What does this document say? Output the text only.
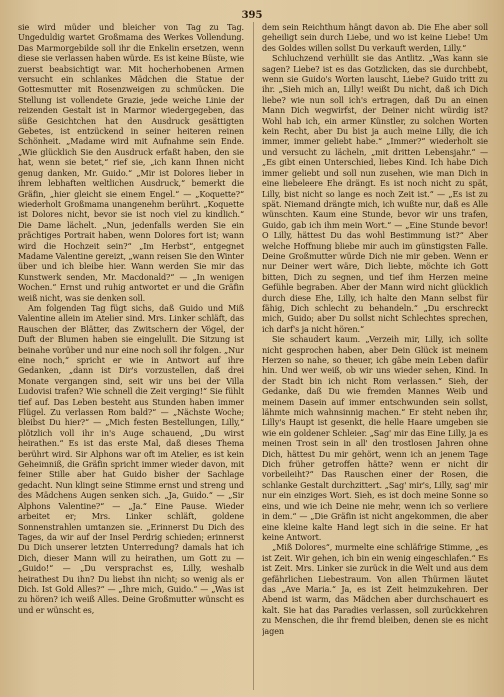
395

sie wird müder und bleicher von Tag zu Tag. Ungeduldig wartet Großmama des Werkes Vollendung. Das Marmorgebilde soll ihr die Enkelin ersetzen, wenn diese sie verlassen haben würde. Es ist keine Büste, wie zuerst beabsichtigt war. Mit hocherhobenen Armen versucht ein schlankes Mädchen die Statue der Gottesmutter mit Rosenzweigen zu schmücken. Die Stellung ist vollendete Grazie, jede weiche Linie der reizenden Gestalt ist in Marmor wiedergegeben, das süße Gesichtchen hat den Ausdruck gesättigten Gebetes, ist entzückend in seiner heiteren reinen Schönheit. „Madame wird mit Aufnahme sein Ende. „Wie glücklich Sie den Ausdruck erfaßt haben, den sie hat, wenn sie betet,“ rief sie, „ich kann Ihnen nicht genug danken, Mr. Guido.“ „Mir ist Dolores lieber in ihrem lebhaften weltlichen Ausdruck,“ bemerkt die Gräfin, „hier gleicht sie einem Engel.“ — „Koquette?“ wiederholt Großmama unangenehm berührt. „Koquette ist Dolores nicht, bevor sie ist noch viel zu kindlich.“ Die Dame lächelt. „Nun, jedenfalls werden Sie ein prächtiges Portrait haben, wenn Dolores fort ist; wann wird die Hochzeit sein?“ „Im Herbst“, entgegnet Madame Valentine gereizt, „wann reisen Sie den Winter über und ich bleibe hier. Wann werden Sie mir das Kunstwerk senden, Mr. Macdonald?“ — „In wenigen Wochen.“ Ernst und ruhig antwortet er und die Gräfin weiß nicht, was sie denken soll.

Am folgenden Tag fügt sichs, daß Guido und Miß Valentine allein im Atelier sind. Mrs. Linker schläft, das Rauschen der Blätter, das Zwitschern der Vögel, der Duft der Blumen haben sie eingelullt. Die Sitzung ist beinahe vorüber und nur eine noch soll ihr folgen. „Nur eine noch,“ spricht er wie in Antwort auf ihre Gedanken, „dann ist Dir's vorzustellen, daß drei Monate vergangen sind, seit wir uns bei der Villa Ludovisi trafen? Wie schnell die Zeit verging!“ Sie fühlt tief auf. Das Leben besteht aus Stunden haben immer Flügel. Zu verlassen Rom bald?“ — „Nächste Woche; bleibst Du hier?“ — „Mich festen Bestellungen, Lilly,“ plötzlich voll ihr in's Auge schauend, „Du wirst heirathen.“ Es ist das erste Mal, daß dieses Thema berührt wird. Sir Alphons war oft im Atelier, es ist kein Geheimniß, die Gräfin spricht immer wieder davon, mit feiner Stille aber hat Guido bisher der Sachlage gedacht. Nun klingt seine Stimme ernst und streng und des Mädchens Augen senken sich. „Ja, Guido.“ — „Sir Alphons Valentine?“ — „Ja.“ Eine Pause. Wieder arbeitet er; Mrs. Linker schläft, goldene Sonnenstrahlen umtanzen sie. „Erinnerst Du Dich des Tages, da wir auf der Insel Perdrig schieden; erinnerst Du Dich unserer letzten Unterredung? damals hat ich Dich, dieser Mann will zu heirathen, um Gott zu — „Guido!“ — „Du versprachst es, Lilly, weshalb heirathest Du ihn? Du liebst ihn nicht; so wenig als er Dich. Ist Gold Alles?“ — „Ihre mich, Guido.“ — „Was ist zu hören? ich weiß Alles. Deine Großmutter wünscht es und er wünscht es,

dem sein Reichthum hängt davon ab. Die Ehe aber soll geheiligt sein durch Liebe, und wo ist keine Liebe! Um des Goldes willen sollst Du verkauft werden, Lilly.“

Schluchzend verhüllt sie das Antlitz. „Was kann sie sagen? Liebe? ist es das Gotzlicken, das sie durchbebt, wenn sie Guido's Worten lauscht, Liebe? Guido tritt zu ihr. „Sieh mich an, Lilly! weißt Du nicht, daß ich Dich liebe? wie nun soll ich's ertragen, daß Du an einen Mann Dich wegwirfst, der Deiner nicht würdig ist? Wohl hab ich, ein armer Künstler, zu solchen Worten kein Recht, aber Du bist ja auch meine Lilly, die ich immer, immer geliebt habe.“ „Immer?“ wiederholt sie und versucht zu lächeln, „mit dritten Lebensjahr.“ — „Es gibt einen Unterschied, liebes Kind. Ich habe Dich immer geliebt und soll nun zusehen, wie man Dich in eine liebeleere Ehe drängt. Es ist noch nicht zu spät, Lilly, bist nicht so lange es noch Zeit ist.“ — „Es ist zu spät. Niemand drängte mich, ich wußte nur, daß es Alle wünschten. Kaum eine Stunde, bevor wir uns trafen, Guido, gab ich ihm mein Wort.“ — „Eine Stunde bevor! O Lilly, hättest Du das wohl Bestimmung ist?“ Aber welche Hoffnung bliebe mir auch im günstigsten Falle. Deine Großmutter würde Dich nie mir geben. Wenn er nur Deiner wert wäre, Dich liebte, möchte ich Gott bitten, Dich zu segnen, und tief ihm Herzen meine Gefühle begraben. Aber der Mann wird nicht glücklich durch diese Ehe, Lilly, ich halte den Mann selbst für fähig, Dich schlecht zu behandeln.“ „Du erschreckt mich, Guido; aber Du sollst nicht Schlechtes sprechen, ich darf's ja nicht hören.“

Sie schaudert kaum. „Verzeih mir, Lilly, ich sollte nicht gesprochen haben, aber Dein Glück ist meinem Herzen so nahe, so theuer, ich gäbe mein Leben dafür hin. Und wer weiß, ob wir uns wieder sehen, Kind. In der Stadt bin ich nicht Rom verlassen.“ Sieh, der Gedanke, daß Du wie fremden Mannes Weib und meinem Dasein auf immer entschwunden sein sollst, lähmte mich wahnsinnig machen.“ Er steht neben ihr, Lilly's Haupt ist gesenkt, die helle Haare umgeben sie wie ein goldener Schleier. „Sag' mir das Eine Lilly, ja es meinen Trost sein in all' den trostlosen Jahren ohne Dich, hättest Du mir gehört, wenn ich an jenem Tage Dich früher getroffen hätte? wenn er nicht dir vorbeileiht?“ Das Rauschen einer der Rosen, die schlanke Gestalt durchzittert. „Sag' mir's, Lilly, sag' mir nur ein einziges Wort. Sieh, es ist doch meine Sonne so eins, und wie ich Deine nie mehr, wenn ich so verliere in dem.“ — „Die Gräfin ist nicht angekommen, die aber eine kleine kalte Hand legt sich in die seine. Er hat keine Antwort.

„Miß Dolores“, murmelte eine schläfrige Stimme, „es ist Zeit. Wir gehen, ich bin ein wenig eingeschlafen.“ Es ist Zeit. Mrs. Linker sie zurück in die Welt und aus dem gefährlichen Liebestraum. Von allen Thürmen läutet das „Ave Maria.“ Ja, es ist Zeit heimzukehren. Der Abend ist warm, das Mädchen aber durchschauert es kalt. Sie hat das Paradies verlassen, soll zurückkehren zu Menschen, die ihr fremd bleiben, denen sie es nicht jagen
